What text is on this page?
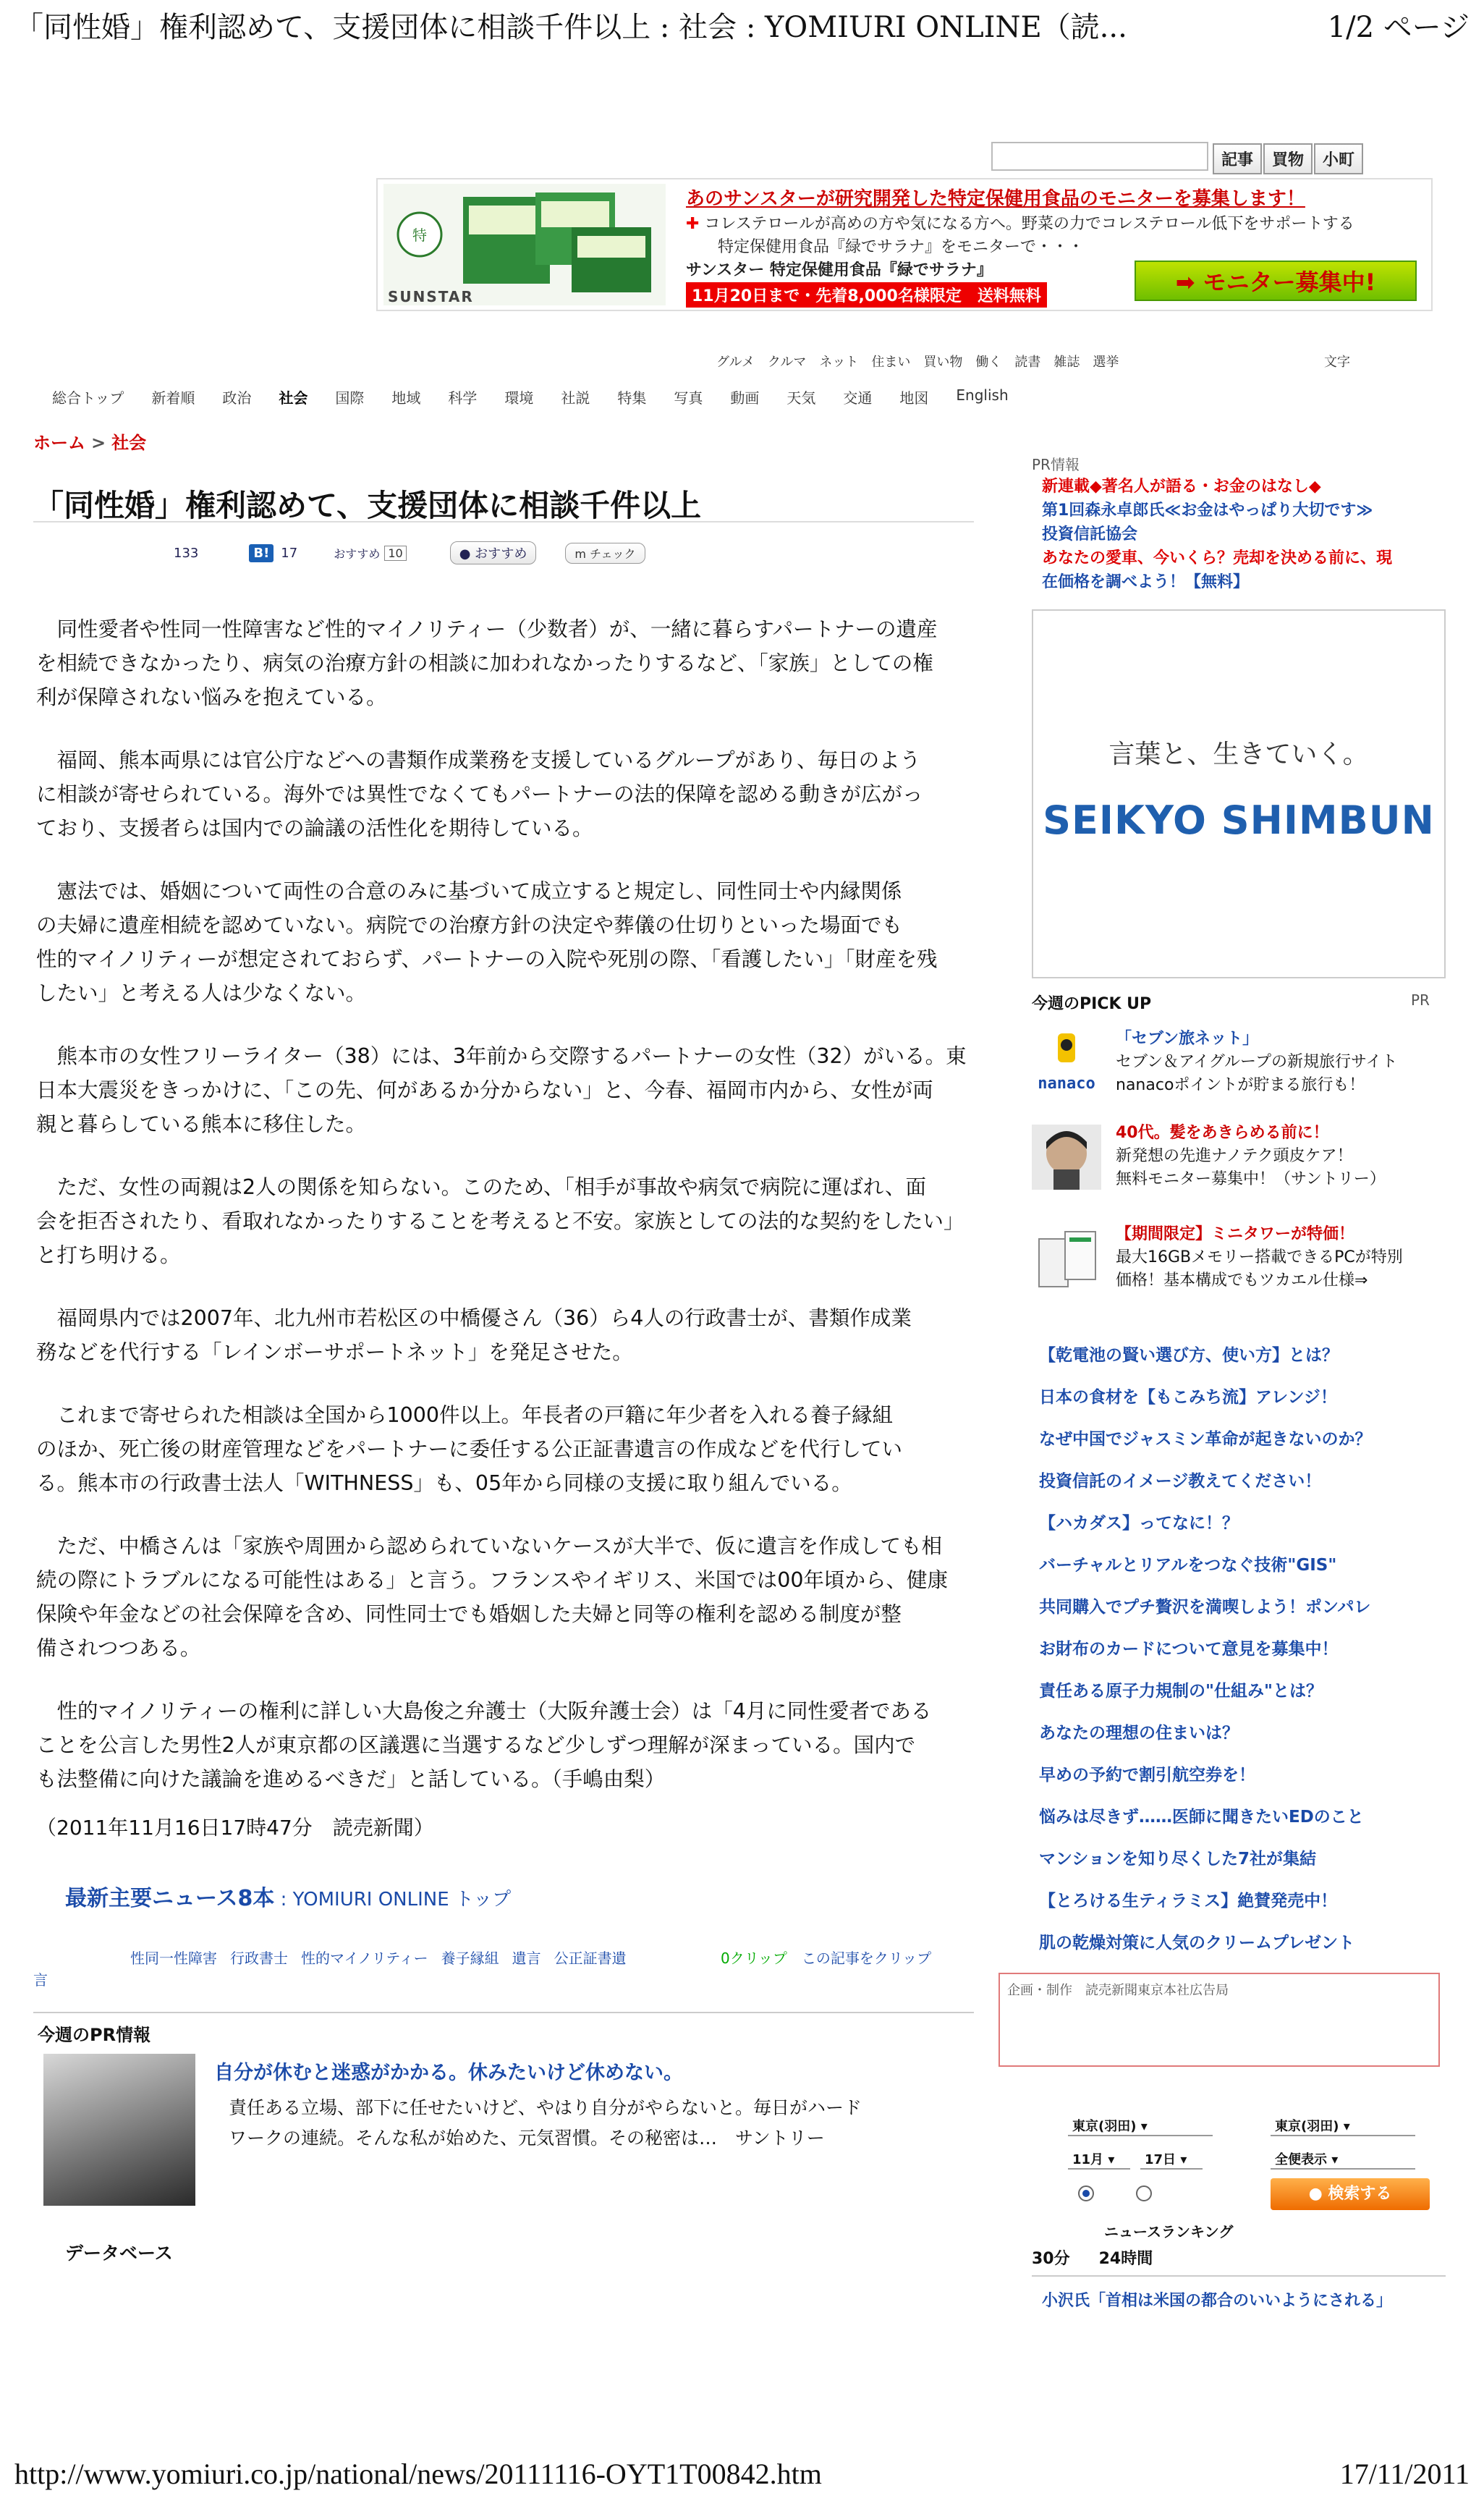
「同性婚」権利認めて、支援団体に相談千件以上 : 社会 : YOMIURI ONLINE（読...	1/2 ページ
記事	買物	小町
特
SUNSTAR
あのサンスターが研究開発した特定保健用食品のモニターを募集します！
✚ コレステロールが高めの方や気になる方へ。野菜の力でコレステロール低下をサポートする
特定保健用食品『緑でサラナ』をモニターで・・・
サンスター 特定保健用食品『緑でサラナ』
11月20日まで・先着8,000名様限定　送料無料
➡ モニター募集中!
グルメ クルマ ネット 住まい 買い物 働く 読書 雑誌 選挙	文字
総合トップ 新着順 政治 社会 国際 地域 科学 環境 社説 特集 写真 動画 天気 交通 地図 English
ホーム > 社会
「同性婚」権利認めて、支援団体に相談千件以上
133	B! 17	おすすめ 10	● おすすめ	m チェック

　同性愛者や性同一性障害など性的マイノリティー（少数者）が、一緒に暮らすパートナーの遺産
を相続できなかったり、病気の治療方針の相談に加われなかったりするなど、「家族」としての権
利が保障されない悩みを抱えている。

　福岡、熊本両県には官公庁などへの書類作成業務を支援しているグループがあり、毎日のよう
に相談が寄せられている。海外では異性でなくてもパートナーの法的保障を認める動きが広がっ
ており、支援者らは国内での論議の活性化を期待している。

　憲法では、婚姻について両性の合意のみに基づいて成立すると規定し、同性同士や内縁関係
の夫婦に遺産相続を認めていない。病院での治療方針の決定や葬儀の仕切りといった場面でも
性的マイノリティーが想定されておらず、パートナーの入院や死別の際、「看護したい」「財産を残
したい」と考える人は少なくない。

　熊本市の女性フリーライター（38）には、3年前から交際するパートナーの女性（32）がいる。東
日本大震災をきっかけに、「この先、何があるか分からない」と、今春、福岡市内から、女性が両
親と暮らしている熊本に移住した。

　ただ、女性の両親は2人の関係を知らない。このため、「相手が事故や病気で病院に運ばれ、面
会を拒否されたり、看取れなかったりすることを考えると不安。家族としての法的な契約をしたい」
と打ち明ける。

　福岡県内では2007年、北九州市若松区の中橋優さん（36）ら4人の行政書士が、書類作成業
務などを代行する「レインボーサポートネット」を発足させた。

　これまで寄せられた相談は全国から1000件以上。年長者の戸籍に年少者を入れる養子縁組
のほか、死亡後の財産管理などをパートナーに委任する公正証書遺言の作成などを代行してい
る。熊本市の行政書士法人「WITHNESS」も、05年から同様の支援に取り組んでいる。

　ただ、中橋さんは「家族や周囲から認められていないケースが大半で、仮に遺言を作成しても相
続の際にトラブルになる可能性はある」と言う。フランスやイギリス、米国では00年頃から、健康
保険や年金などの社会保障を含め、同性同士でも婚姻した夫婦と同等の権利を認める制度が整
備されつつある。

　性的マイノリティーの権利に詳しい大島俊之弁護士（大阪弁護士会）は「4月に同性愛者である
ことを公言した男性2人が東京都の区議選に当選するなど少しずつ理解が深まっている。国内で
も法整備に向けた議論を進めるべきだ」と話している。（手嶋由梨）

（2011年11月16日17時47分　読売新聞）
最新主要ニュース8本 : YOMIURI ONLINE トップ
性同一性障害 行政書士 性的マイノリティー 養子縁組 遺言 公正証書遺
言
0クリップ　 この記事をクリップ
今週のPR情報
自分が休むと迷惑がかかる。休みたいけど休めない。
責任ある立場、部下に任せたいけど、やはり自分がやらないと。毎日がハード
ワークの連続。そんな私が始めた、元気習慣。その秘密は…　サントリー
データベース
PR情報
新連載◆著名人が語る・お金のはなし◆
第1回森永卓郎氏≪お金はやっぱり大切です≫
投資信託協会
あなたの愛車、今いくら？売却を決める前に、現
在価格を調べよう！【無料】
言葉と、生きていく。
SEIKYO SHIMBUN
今週のPICK UP	PR
nanaco
「セブン旅ネット」
セブン＆アイグループの新規旅行サイト
nanacoポイントが貯まる旅行も！
40代。髪をあきらめる前に！
新発想の先進ナノテク頭皮ケア！
無料モニター募集中！（サントリー）
【期間限定】ミニタワーが特価！
最大16GBメモリー搭載できるPCが特別
価格！基本構成でもツカエル仕様⇒
【乾電池の賢い選び方、使い方】とは？
日本の食材を【もこみち流】アレンジ！
なぜ中国でジャスミン革命が起きないのか？
投資信託のイメージ教えてください！
【ハカダス】ってなに！？
バーチャルとリアルをつなぐ技術"GIS"
共同購入でプチ贅沢を満喫しよう！ポンパレ
お財布のカードについて意見を募集中！
責任ある原子力規制の"仕組み"とは？
あなたの理想の住まいは？
早めの予約で割引航空券を！
悩みは尽きず……医師に聞きたいEDのこと
マンションを知り尽くした7社が集結
【とろける生ティラミス】絶賛発売中！
肌の乾燥対策に人気のクリームプレゼント
企画・制作　読売新聞東京本社広告局
東京(羽田) ▾	東京(羽田) ▾
11月 ▾	17日 ▾	全便表示 ▾
● 検索する
ニュースランキング
30分 24時間
小沢氏「首相は米国の都合のいいようにされる」
http://www.yomiuri.co.jp/national/news/20111116-OYT1T00842.htm	17/11/2011
